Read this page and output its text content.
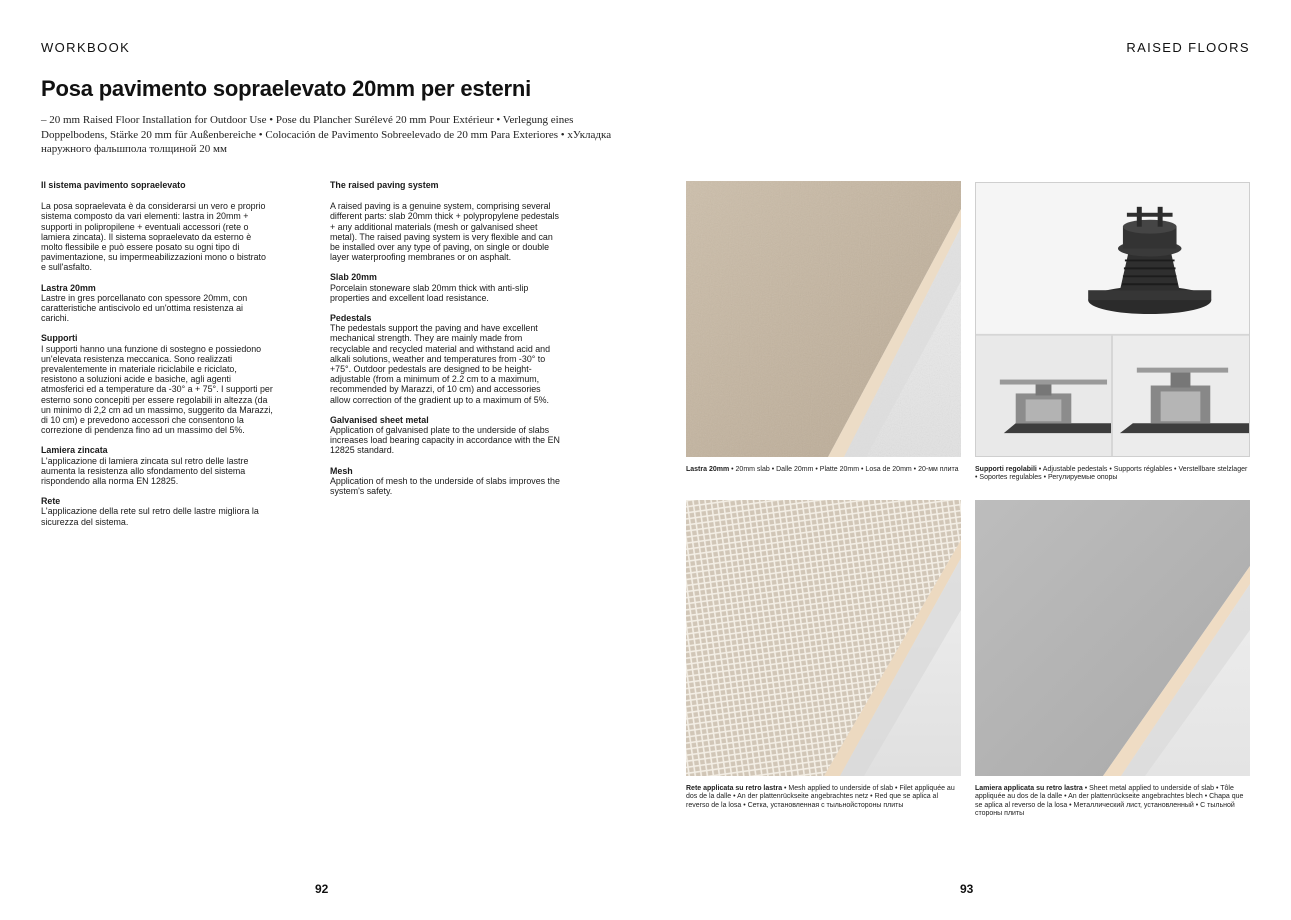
WORKBOOK	RAISED FLOORS
Posa pavimento sopraelevato 20mm per esterni
– 20 mm Raised Floor Installation for Outdoor Use • Pose du Plancher Surélevé 20 mm Pour Extérieur • Verlegung eines Doppelbodens, Stärke 20 mm für Außenbereiche • Colocación de Pavimento Sobreelevado de 20 mm Para Exteriores • хУкладка наружного фальшпола толщиной 20 мм
Il sistema pavimento sopraelevato

La posa sopraelevata è da considerarsi un vero e proprio sistema composto da vari elementi: lastra in 20mm + supporti in polipropilene + eventuali accessori (rete o lamiera zincata). Il sistema sopraelevato da esterno è molto flessibile e può essere posato su ogni tipo di pavimentazione, su impermeabilizzazioni mono o bistrato e sull'asfalto.

Lastra 20mm
Lastre in gres porcellanato con spessore 20mm, con caratteristiche antiscivolo ed un'ottima resistenza ai carichi.
Supporti
I supporti hanno una funzione di sostegno e possiedono un'elevata resistenza meccanica. Sono realizzati prevalentemente in materiale riciclabile e riciclato, resistono a soluzioni acide e basiche, agli agenti atmosferici ed a temperature da -30° a + 75°. I supporti per esterno sono concepiti per essere regolabili in altezza (da un minimo di 2,2 cm ad un massimo, suggerito da Marazzi, di 10 cm) e prevedono accessori che consentono la correzione di pendenza fino ad un massimo del 5%.
Lamiera zincata
L'applicazione di lamiera zincata sul retro delle lastre aumenta la resistenza allo sfondamento del sistema rispondendo alla norma EN 12825.
Rete
L'applicazione della rete sul retro delle lastre migliora la sicurezza del sistema.
The raised paving system

A raised paving is a genuine system, comprising several different parts: slab 20mm thick + polypropylene pedestals + any additional materials (mesh or galvanised sheet metal). The raised paving system is very flexible and can be installed over any type of paving, on single or double layer waterproofing membranes or on asphalt.

Slab 20mm
Porcelain stoneware slab 20mm thick with anti-slip properties and excellent load resistance.
Pedestals
The pedestals support the paving and have excellent mechanical strength. They are mainly made from recyclable and recycled material and withstand acid and alkali solutions, weather and temperatures from -30° to +75°. Outdoor pedestals are designed to be height-adjustable (from a minimum of 2.2 cm to a maximum, recommended by Marazzi, of 10 cm) and accessories allow correction of the gradient up to a maximum of 5%.
Galvanised sheet metal
Application of galvanised plate to the underside of slabs increases load bearing capacity in accordance with the EN 12825 standard.
Mesh
Application of mesh to the underside of slabs improves the system's safety.
Lastra 20mm • 20mm slab • Dalle 20mm • Platte 20mm • Losa de 20mm • 20-мм плита	Supporti regolabili • Adjustable pedestals • Supports réglables • Verstellbare stelzlager • Soportes regulables • Регулируемые опоры
Rete applicata su retro lastra • Mesh applied to underside of slab • Filet appliquée au dos de la dalle • An der plattenrückseite angebrachtes netz • Red que se aplica al reverso de la losa • Сетка, установленная с тыльнойстороны плиты
Lamiera applicata su retro lastra • Sheet metal applied to underside of slab • Tôle appliquée au dos de la dalle • An der plattenrückseite angebrachtes blech • Chapa que se aplica al reverso de la losa • Металлический лист, установленный • С тыльной стороны плиты
92	93
